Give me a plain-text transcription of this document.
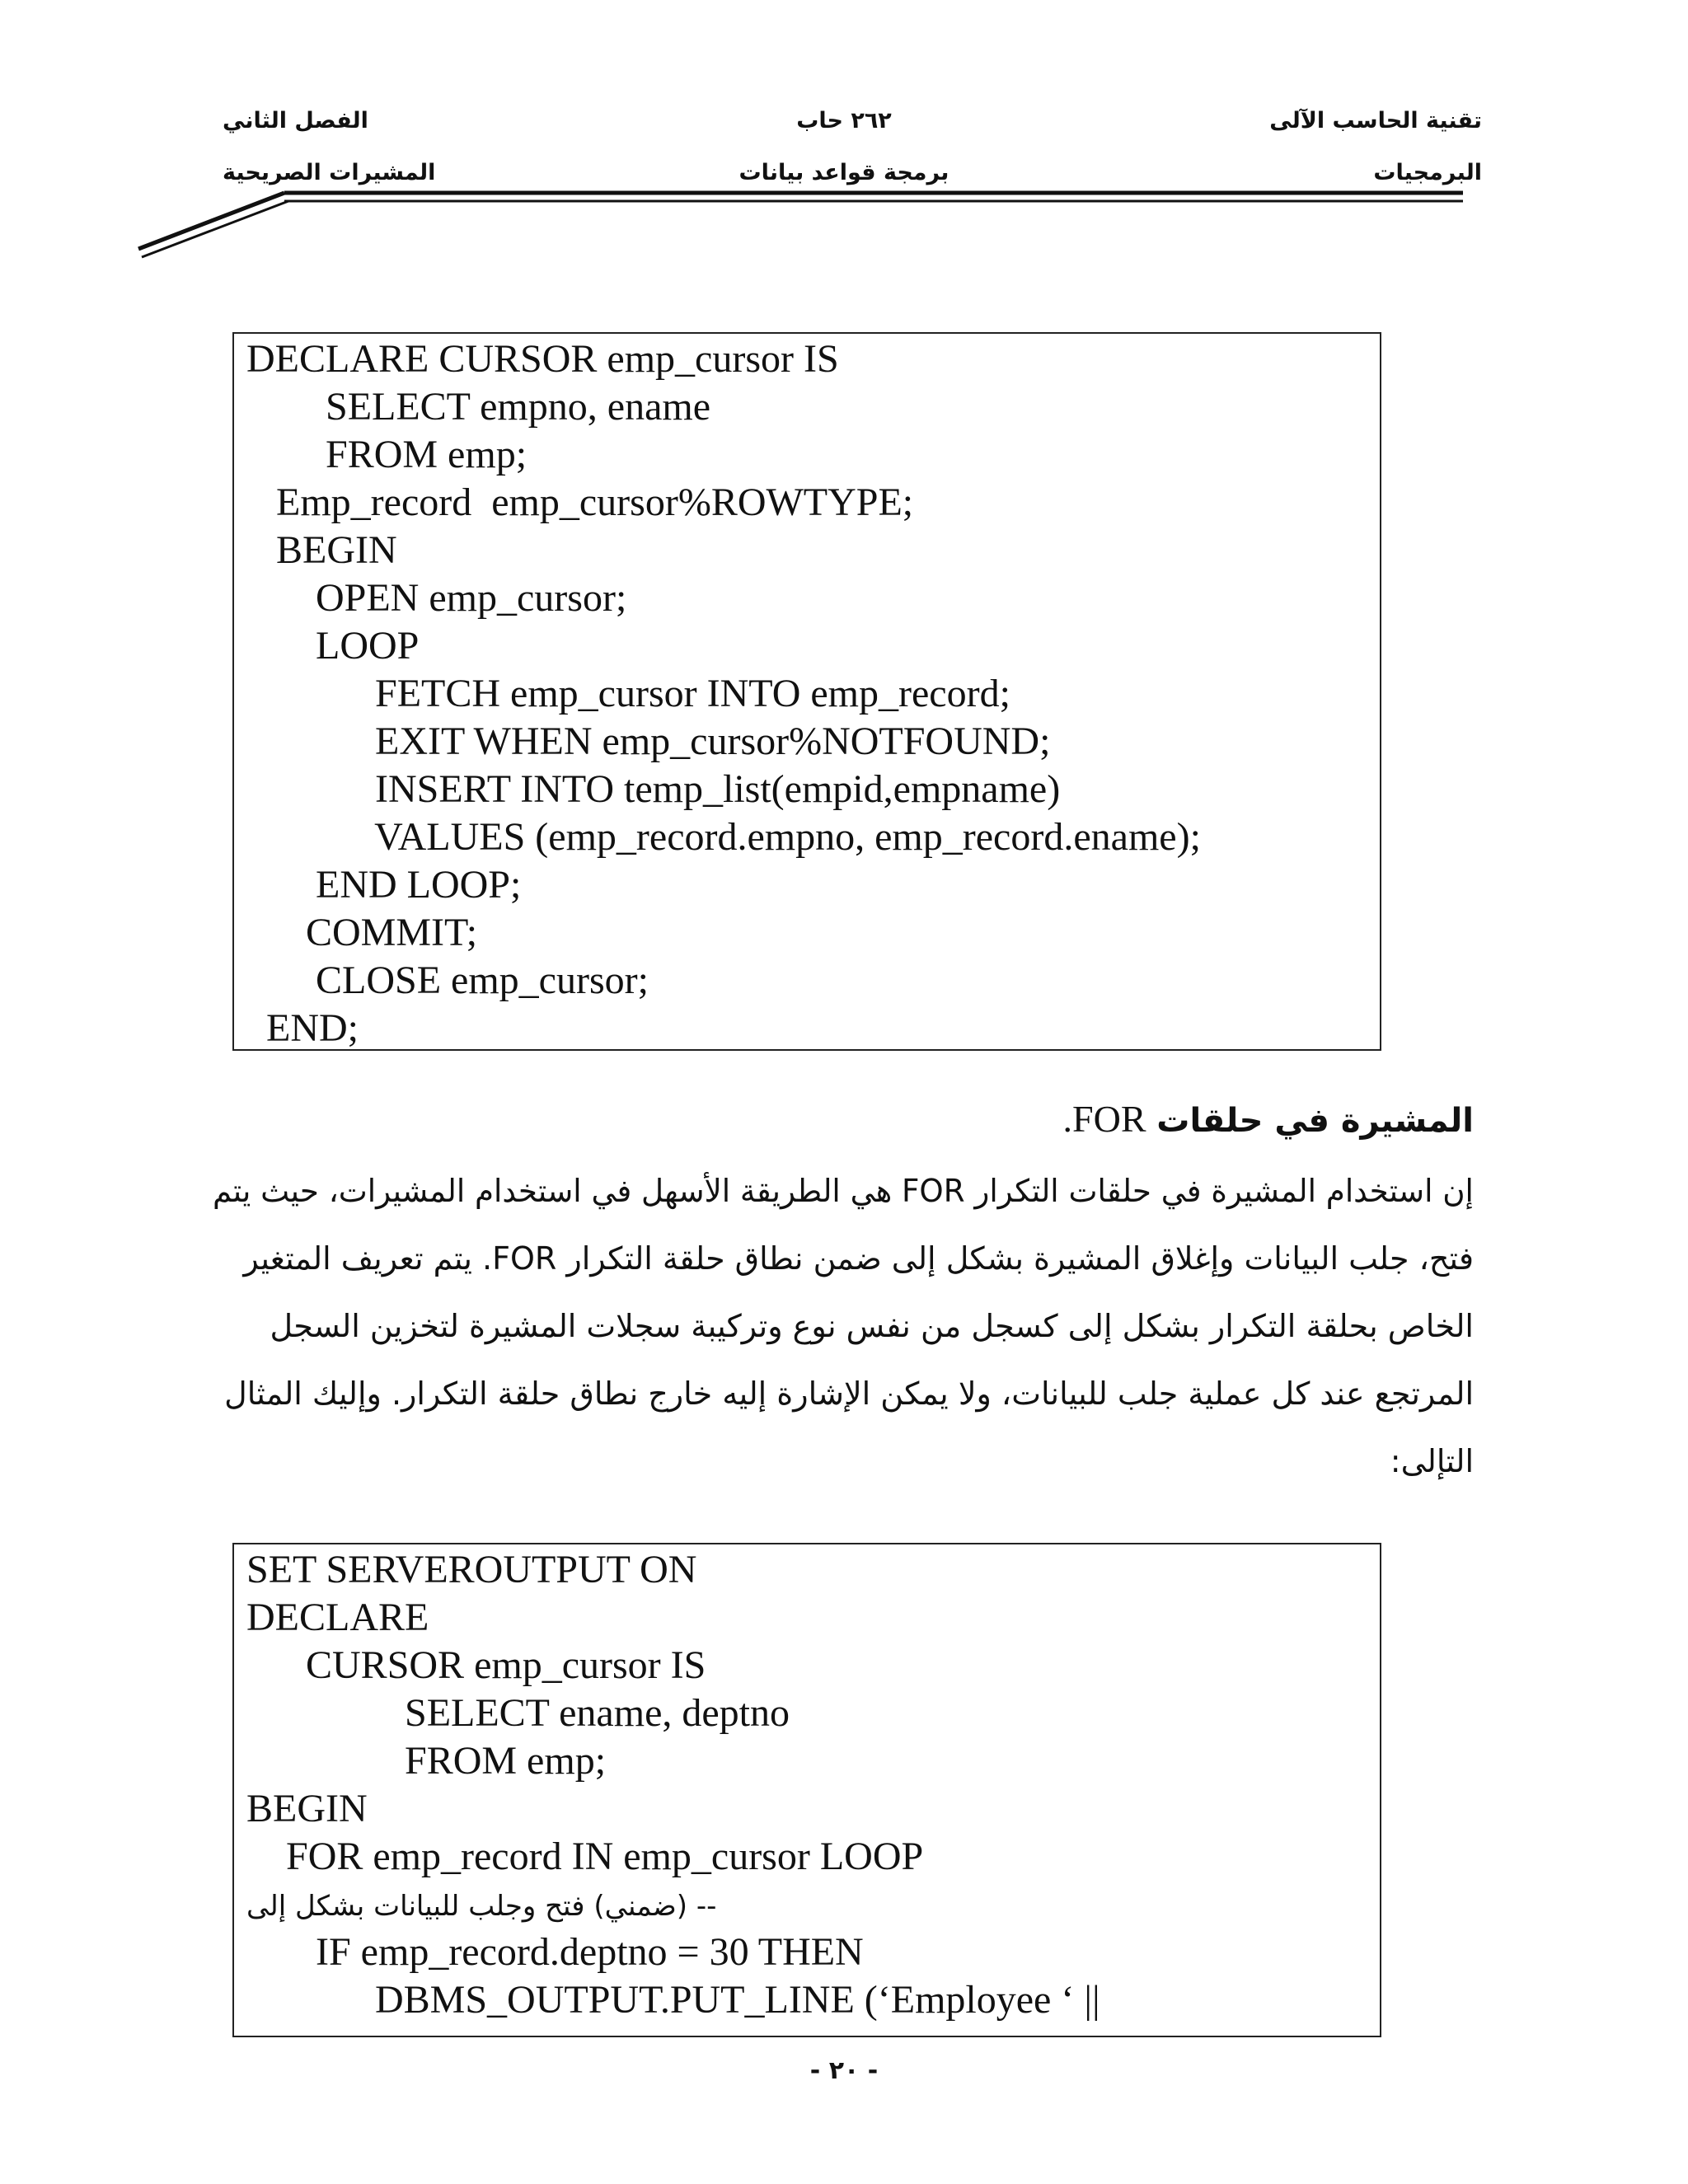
تقنية الحاسب الآلى
البرمجيات
٢٦٢ حاب
برمجة قواعد بيانات
الفصل الثاني
المشيرات الصريحية
DECLARE CURSOR emp_cursor IS
SELECT empno, ename
FROM emp;
Emp_record  emp_cursor%ROWTYPE;
BEGIN
OPEN emp_cursor;
LOOP
FETCH emp_cursor INTO emp_record;
EXIT WHEN emp_cursor%NOTFOUND;
INSERT INTO temp_list(empid,empname)
VALUES (emp_record.empno, emp_record.ename);
END LOOP;
COMMIT;
CLOSE emp_cursor;
END;
المشيرة في حلقات FOR.
إن استخدام المشيرة في حلقات التكرار FOR هي الطريقة الأسهل في استخدام المشيرات، حيث يتم
فتح، جلب البيانات وإغلاق المشيرة بشكل إلى ضمن نطاق حلقة التكرار FOR. يتم تعريف المتغير
الخاص بحلقة التكرار بشكل إلى كسجل من نفس نوع وتركيبة سجلات المشيرة لتخزين السجل
المرتجع عند كل عملية جلب للبيانات، ولا يمكن الإشارة إليه خارج نطاق حلقة التكرار. وإليك المثال
التإلى:
SET SERVEROUTPUT ON
DECLARE
CURSOR emp_cursor IS
SELECT ename, deptno
FROM emp;
BEGIN
FOR emp_record IN emp_cursor LOOP
-- (ضمني) فتح وجلب للبيانات بشكل إلى
IF emp_record.deptno = 30 THEN
DBMS_OUTPUT.PUT_LINE (‘Employee ‘ ||
- ٢٠ -
